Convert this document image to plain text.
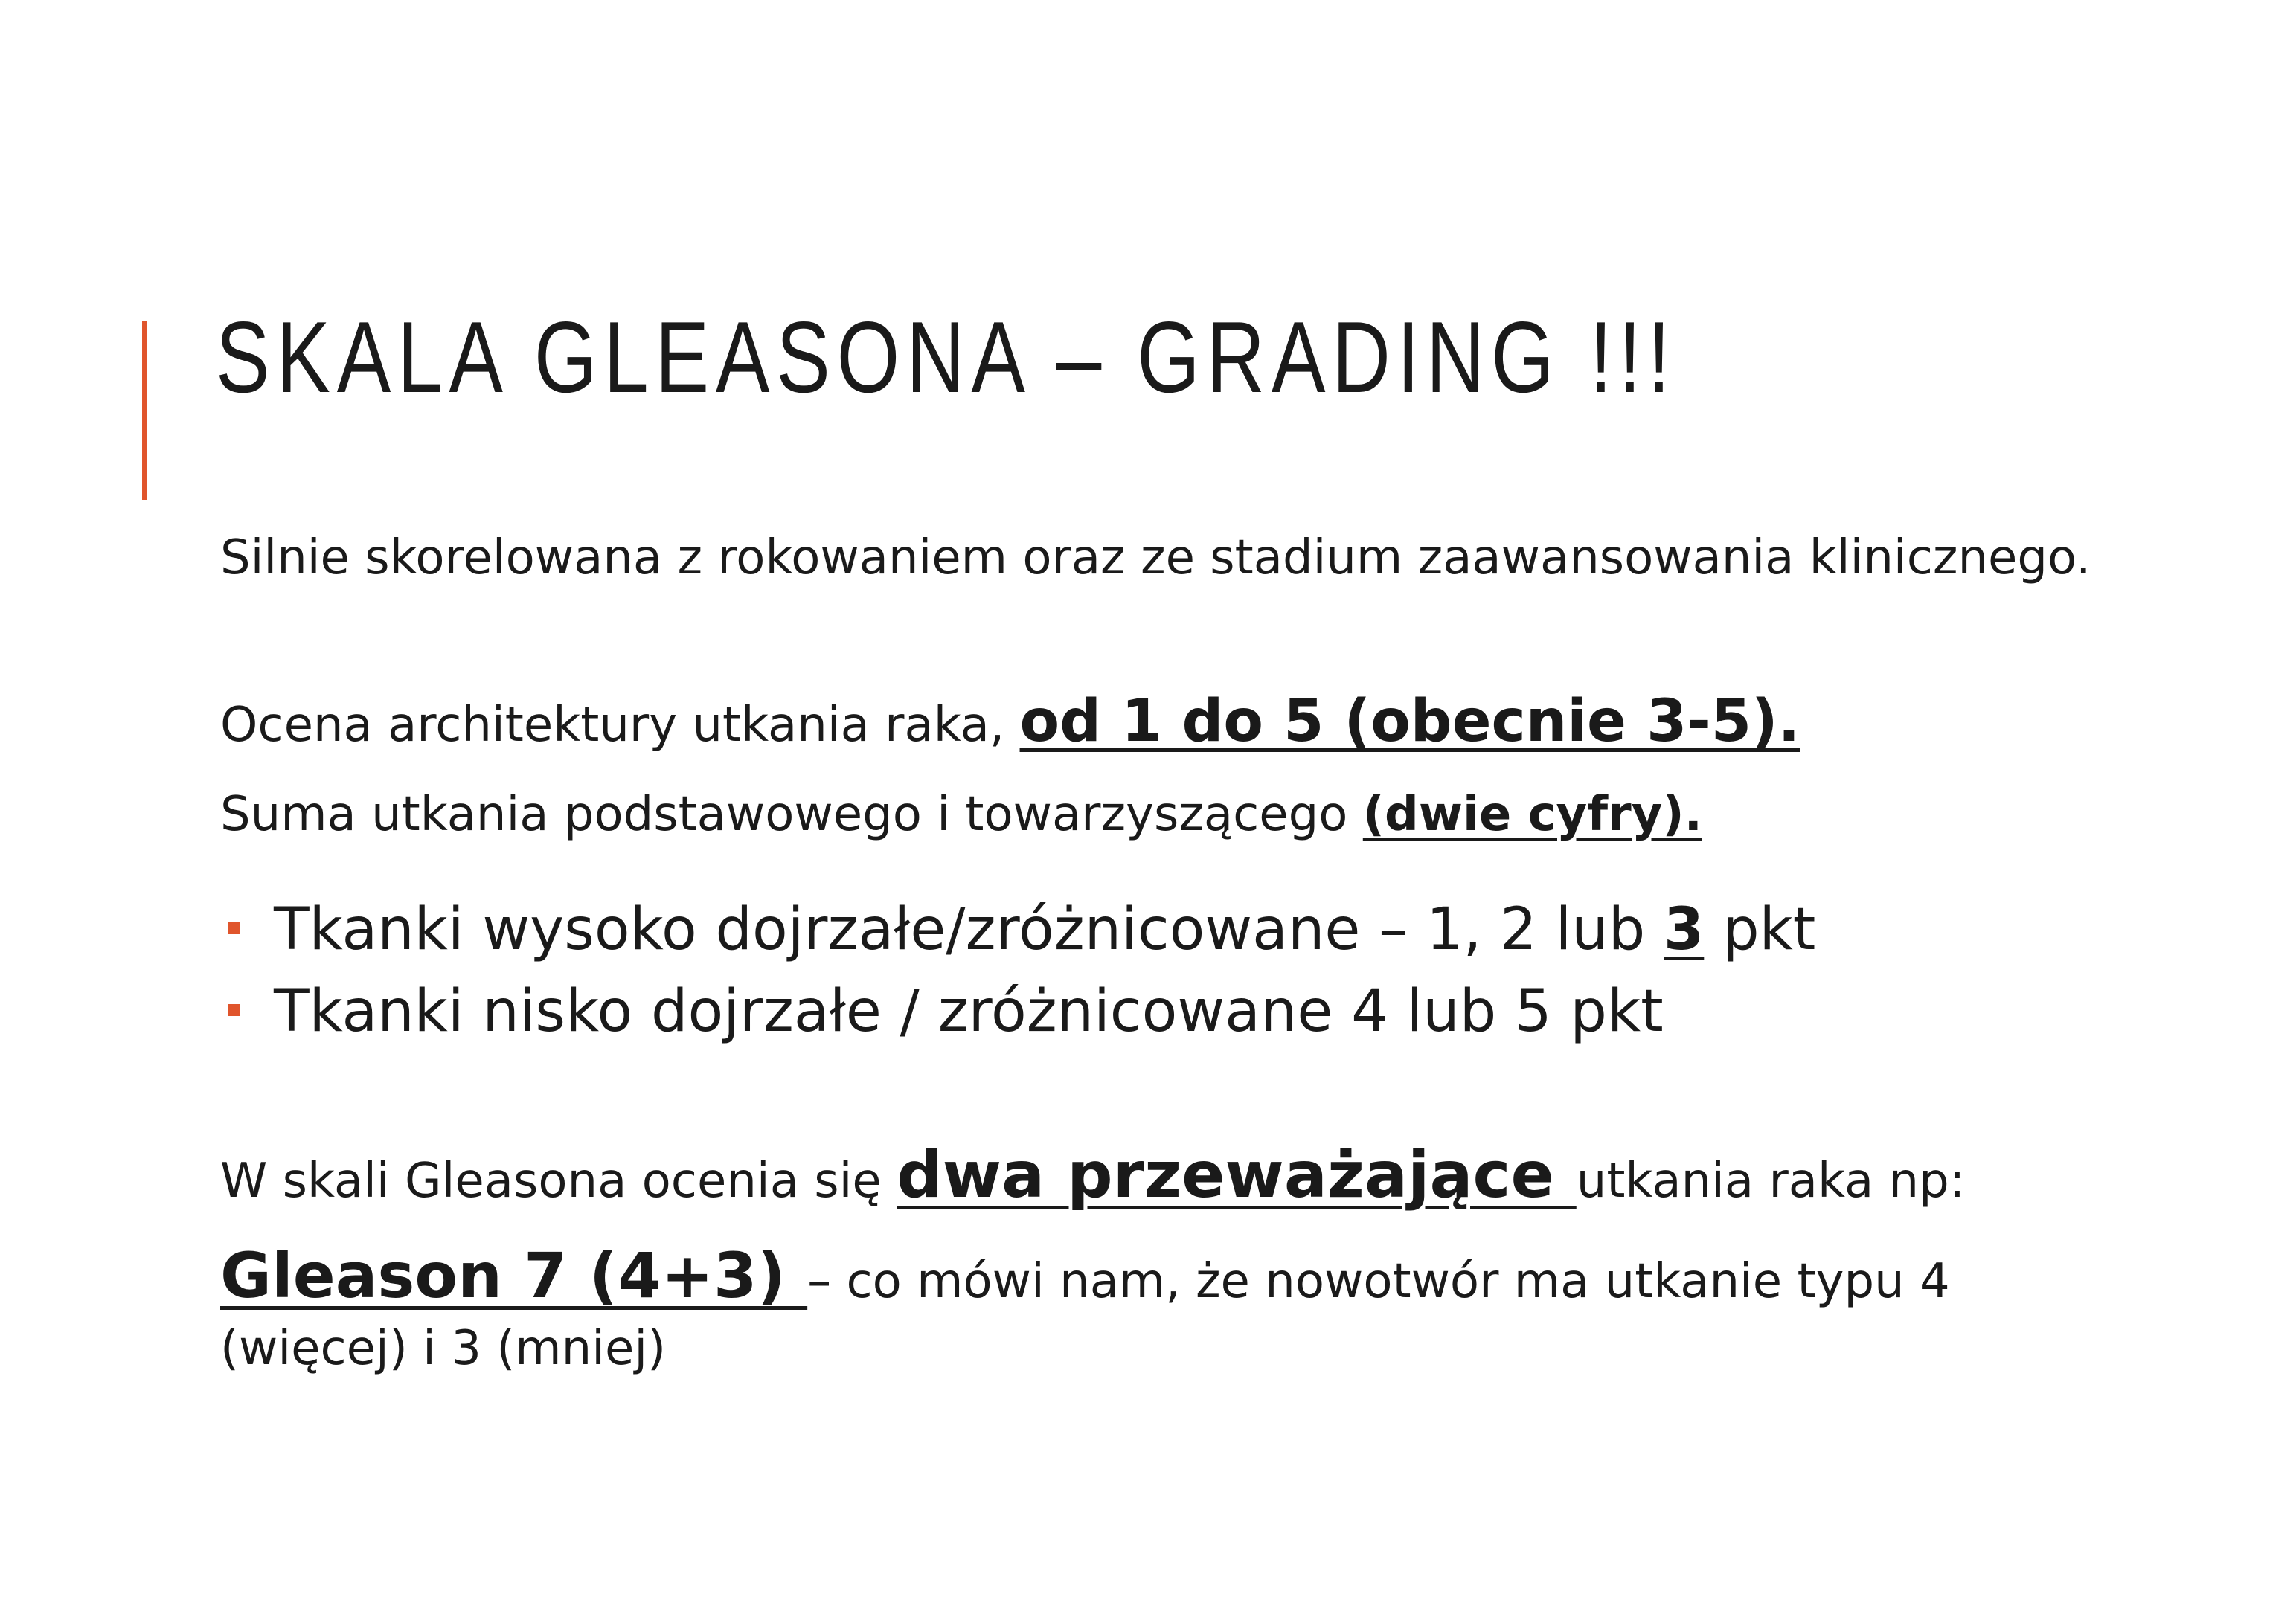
SKALA GLEASONA – GRADING !!!

Silnie skorelowana z rokowaniem oraz ze stadium zaawansowania klinicznego.

Ocena architektury utkania raka, od 1 do 5 (obecnie 3-5).

Suma utkania podstawowego i towarzyszącego (dwie cyfry).

Tkanki wysoko dojrzałe/zróżnicowane – 1, 2 lub 3 pkt
Tkanki nisko dojrzałe / zróżnicowane 4 lub 5 pkt

W skali Gleasona ocenia się dwa przeważające utkania raka np:

Gleason 7 (4+3) – co mówi nam, że nowotwór ma utkanie typu 4 (więcej) i 3 (mniej)
